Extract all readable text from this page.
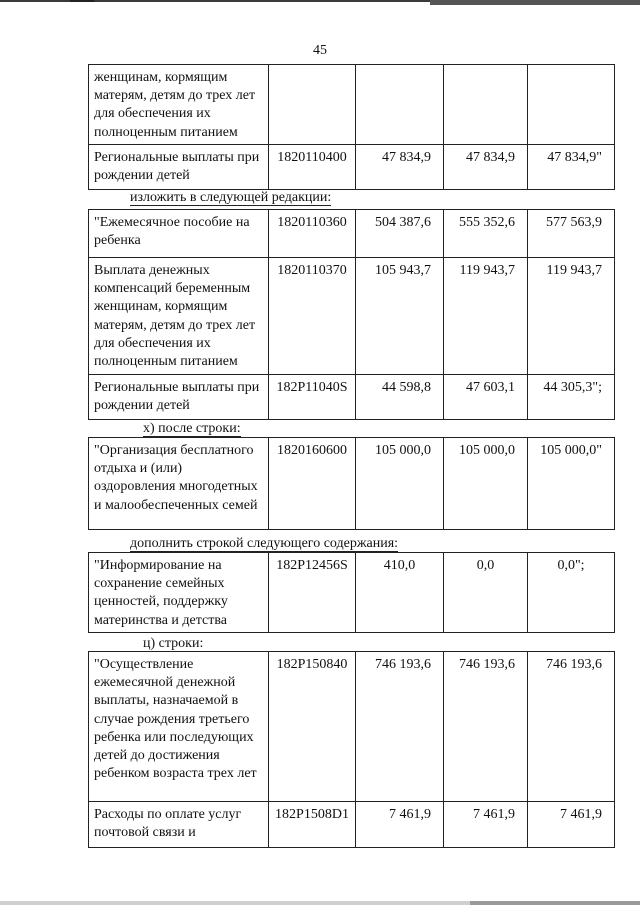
45
женщинам, кормящим матерям, детям до трех лет для обеспечения их полноценным питанием				
Региональные выплаты при рождении детей	1820110400	47 834,9	47 834,9	47 834,9"
изложить в следующей редакции:
"Ежемесячное пособие на ребенка	1820110360	504 387,6	555 352,6	577 563,9
Выплата денежных компенсаций беременным женщинам, кормящим матерям, детям до трех лет для обеспечения их полноценным питанием	1820110370	105 943,7	119 943,7	119 943,7
Региональные выплаты при рождении детей	182P11040S	44 598,8	47 603,1	44 305,3";
х) после строки:
"Организация бесплатного отдыха и (или) оздоровления многодетных и малообеспеченных семей	1820160600	105 000,0	105 000,0	105 000,0"
дополнить строкой следующего содержания:
"Информирование на сохранение семейных ценностей, поддержку материнства и детства	182P12456S	410,0	0,0	0,0";
ц) строки:
"Осуществление ежемесячной денежной выплаты, назначаемой в случае рождения третьего ребенка или последующих детей до достижения ребенком возраста трех лет	182P150840	746 193,6	746 193,6	746 193,6
Расходы по оплате услуг почтовой связи и	182P1508D1	7 461,9	7 461,9	7 461,9
